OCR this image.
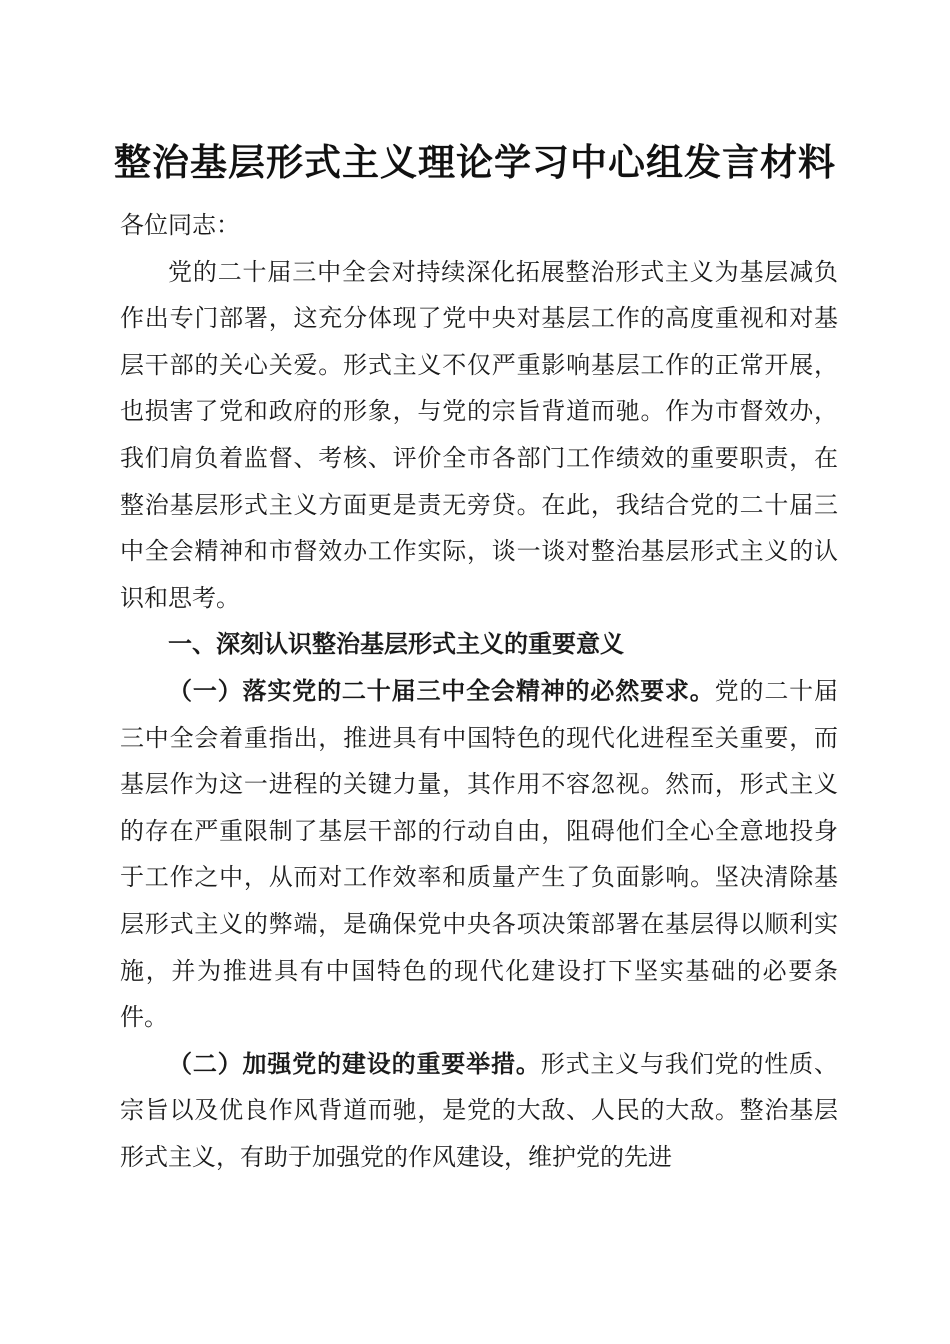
整治基层形式主义理论学习中心组发言材料

各位同志：

党的二十届三中全会对持续深化拓展整治形式主义为基层减负作出专门部署，这充分体现了党中央对基层工作的高度重视和对基层干部的关心关爱。形式主义不仅严重影响基层工作的正常开展，也损害了党和政府的形象，与党的宗旨背道而驰。作为市督效办，我们肩负着监督、考核、评价全市各部门工作绩效的重要职责，在整治基层形式主义方面更是责无旁贷。在此，我结合党的二十届三中全会精神和市督效办工作实际，谈一谈对整治基层形式主义的认识和思考。

一、深刻认识整治基层形式主义的重要意义

（一）落实党的二十届三中全会精神的必然要求。党的二十届三中全会着重指出，推进具有中国特色的现代化进程至关重要，而基层作为这一进程的关键力量，其作用不容忽视。然而，形式主义的存在严重限制了基层干部的行动自由，阻碍他们全心全意地投身于工作之中，从而对工作效率和质量产生了负面影响。坚决清除基层形式主义的弊端，是确保党中央各项决策部署在基层得以顺利实施，并为推进具有中国特色的现代化建设打下坚实基础的必要条件。

（二）加强党的建设的重要举措。形式主义与我们党的性质、宗旨以及优良作风背道而驰，是党的大敌、人民的大敌。整治基层形式主义，有助于加强党的作风建设，维护党的先进
